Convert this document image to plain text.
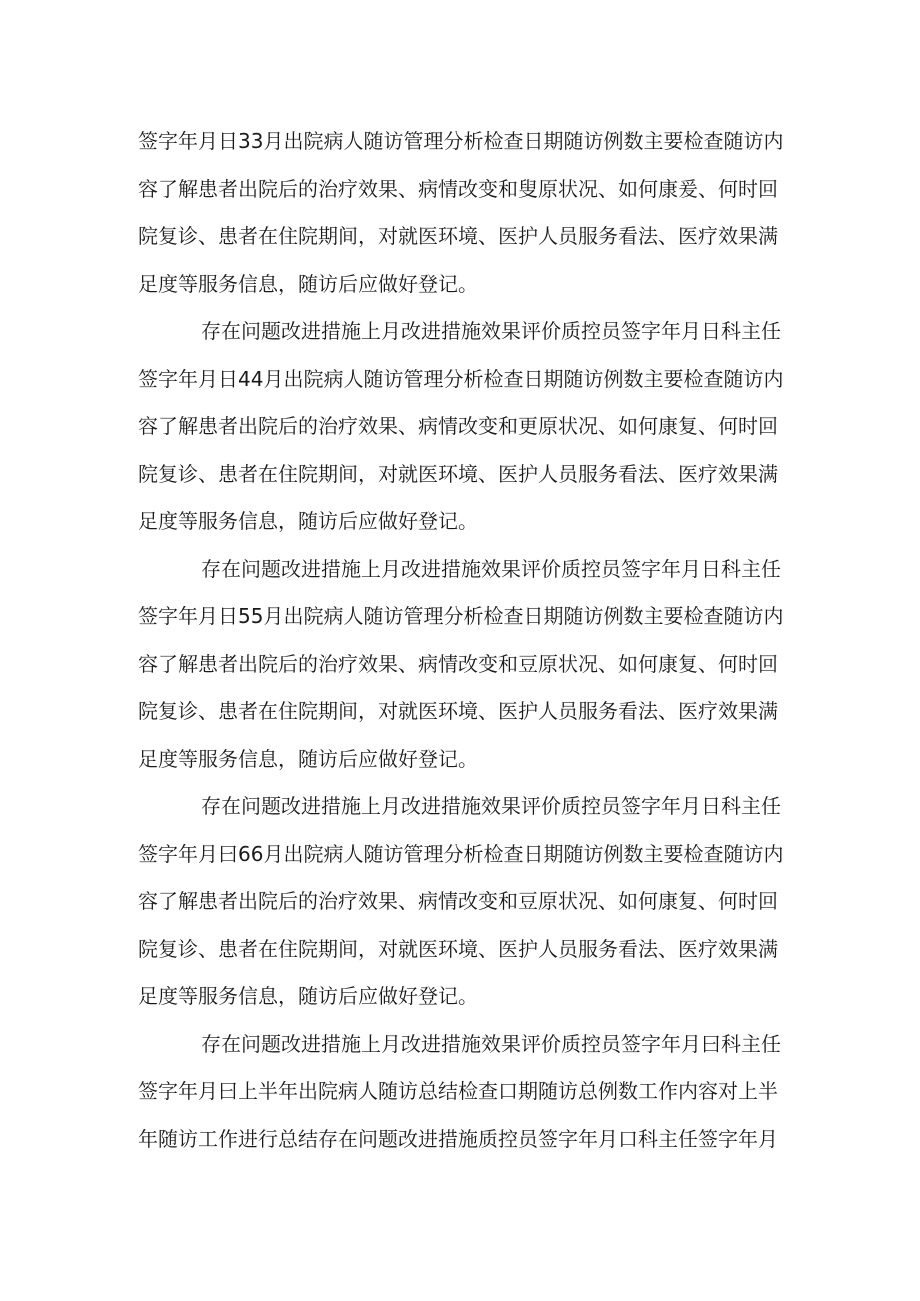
签字年月日33月出院病人随访管理分析检查日期随访例数主要检查随访内
容了解患者出院后的治疗效果、病情改变和叟原状况、如何康爰、何时回
院复诊、患者在住院期间，对就医环境、医护人员服务看法、医疗效果满
足度等服务信息，随访后应做好登记。
存在问题改进措施上月改进措施效果评价质控员签字年月日科主任
签字年月日44月出院病人随访管理分析检查日期随访例数主要检查随访内
容了解患者出院后的治疗效果、病情改变和更原状况、如何康复、何时回
院复诊、患者在住院期间，对就医环境、医护人员服务看法、医疗效果满
足度等服务信息，随访后应做好登记。
存在问题改进措施上月改进措施效果评价质控员签字年月日科主任
签字年月日55月出院病人随访管理分析检查日期随访例数主要检查随访内
容了解患者出院后的治疗效果、病情改变和豆原状况、如何康复、何时回
院复诊、患者在住院期间，对就医环境、医护人员服务看法、医疗效果满
足度等服务信息，随访后应做好登记。
存在问题改进措施上月改进措施效果评价质控员签字年月日科主任
签字年月曰66月出院病人随访管理分析检查日期随访例数主要检查随访内
容了解患者出院后的治疗效果、病情改变和豆原状况、如何康复、何时回
院复诊、患者在住院期间，对就医环境、医护人员服务看法、医疗效果满
足度等服务信息，随访后应做好登记。
存在问题改进措施上月改进措施效果评价质控员签字年月曰科主任
签字年月曰上半年出院病人随访总结检查口期随访总例数工作内容对上半
年随访工作进行总结存在问题改进措施质控员签字年月口科主任签字年月
